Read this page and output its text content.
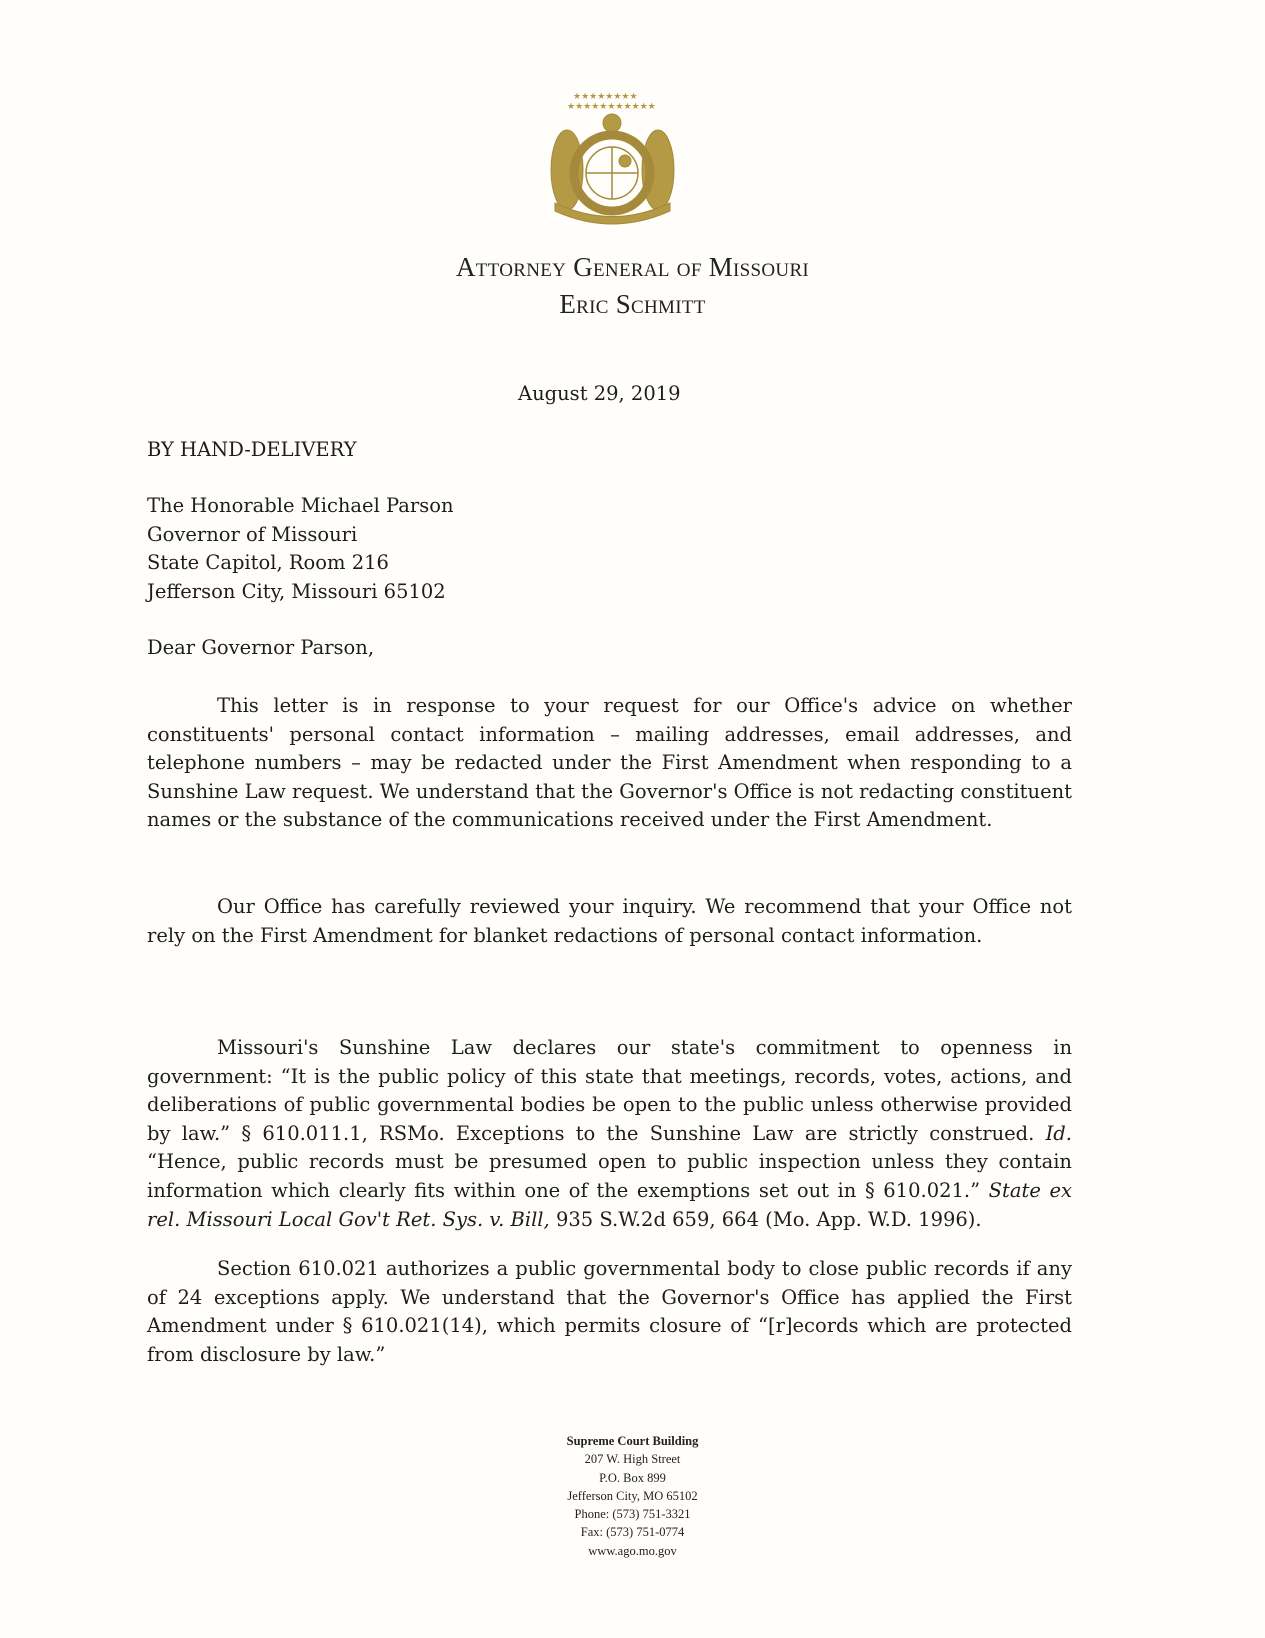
★★★★★★★★
★★★★★★★★★★★
Attorney General of Missouri
Eric Schmitt
August 29, 2019
BY HAND-DELIVERY
The Honorable Michael Parson
Governor of Missouri
State Capitol, Room 216
Jefferson City, Missouri 65102
Dear Governor Parson,

This letter is in response to your request for our Office's advice on whether constituents' personal contact information – mailing addresses, email addresses, and telephone numbers – may be redacted under the First Amendment when responding to a Sunshine Law request. We understand that the Governor's Office is not redacting constituent names or the substance of the communications received under the First Amendment.

Our Office has carefully reviewed your inquiry. We recommend that your Office not rely on the First Amendment for blanket redactions of personal contact information.

Missouri's Sunshine Law declares our state's commitment to openness in government: “It is the public policy of this state that meetings, records, votes, actions, and deliberations of public governmental bodies be open to the public unless otherwise provided by law.” § 610.011.1, RSMo. Exceptions to the Sunshine Law are strictly construed. Id. “Hence, public records must be presumed open to public inspection unless they contain information which clearly fits within one of the exemptions set out in § 610.021.” State ex rel. Missouri Local Gov't Ret. Sys. v. Bill, 935 S.W.2d 659, 664 (Mo. App. W.D. 1996).

Section 610.021 authorizes a public governmental body to close public records if any of 24 exceptions apply. We understand that the Governor's Office has applied the First Amendment under § 610.021(14), which permits closure of “[r]ecords which are protected from disclosure by law.”

Supreme Court Building
207 W. High Street
P.O. Box 899
Jefferson City, MO 65102
Phone: (573) 751-3321
Fax: (573) 751-0774
www.ago.mo.gov
